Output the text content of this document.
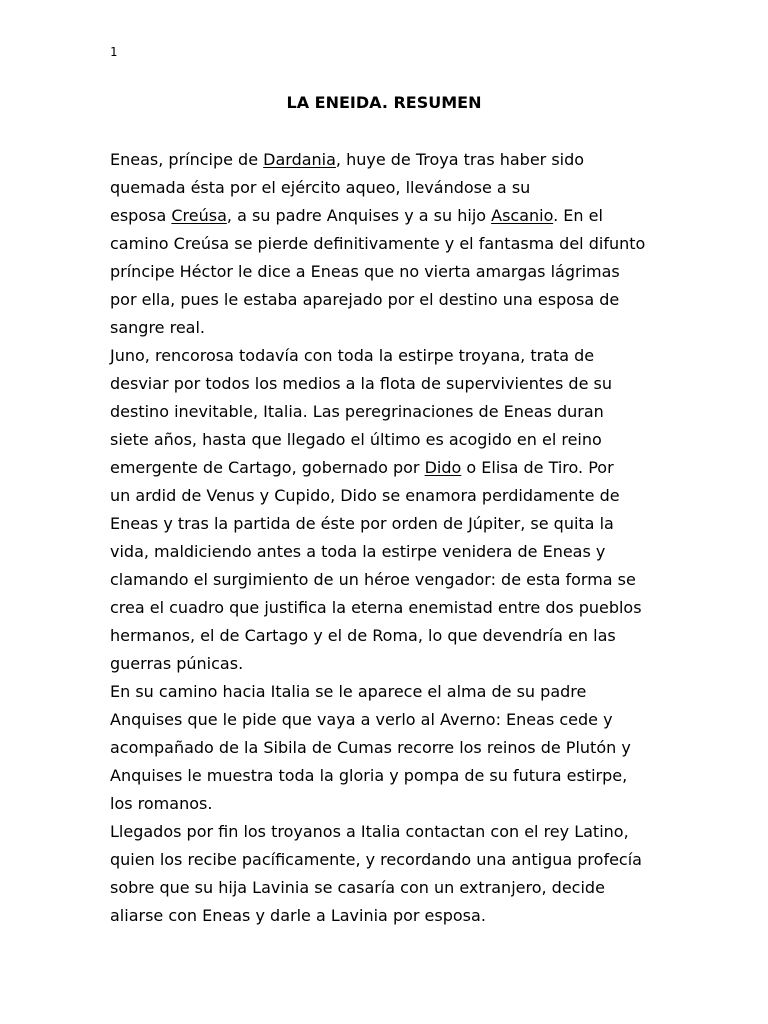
1
LA ENEIDA. RESUMEN
Eneas, príncipe de Dardania, huye de Troya tras haber sido
quemada ésta por el ejército aqueo, llevándose a su
esposa Creúsa, a su padre Anquises y a su hijo Ascanio. En el
camino Creúsa se pierde definitivamente y el fantasma del difunto
príncipe Héctor le dice a Eneas que no vierta amargas lágrimas
por ella, pues le estaba aparejado por el destino una esposa de
sangre real.
Juno, rencorosa todavía con toda la estirpe troyana, trata de
desviar por todos los medios a la flota de supervivientes de su
destino inevitable, Italia. Las peregrinaciones de Eneas duran
siete años, hasta que llegado el último es acogido en el reino
emergente de Cartago, gobernado por Dido o Elisa de Tiro. Por
un ardid de Venus y Cupido, Dido se enamora perdidamente de
Eneas y tras la partida de éste por orden de Júpiter, se quita la
vida, maldiciendo antes a toda la estirpe venidera de Eneas y
clamando el surgimiento de un héroe vengador: de esta forma se
crea el cuadro que justifica la eterna enemistad entre dos pueblos
hermanos, el de Cartago y el de Roma, lo que devendría en las
guerras púnicas.
En su camino hacia Italia se le aparece el alma de su padre
Anquises que le pide que vaya a verlo al Averno: Eneas cede y
acompañado de la Sibila de Cumas recorre los reinos de Plutón y
Anquises le muestra toda la gloria y pompa de su futura estirpe,
los romanos.
Llegados por fin los troyanos a Italia contactan con el rey Latino,
quien los recibe pacíficamente, y recordando una antigua profecía
sobre que su hija Lavinia se casaría con un extranjero, decide
aliarse con Eneas y darle a Lavinia por esposa.
